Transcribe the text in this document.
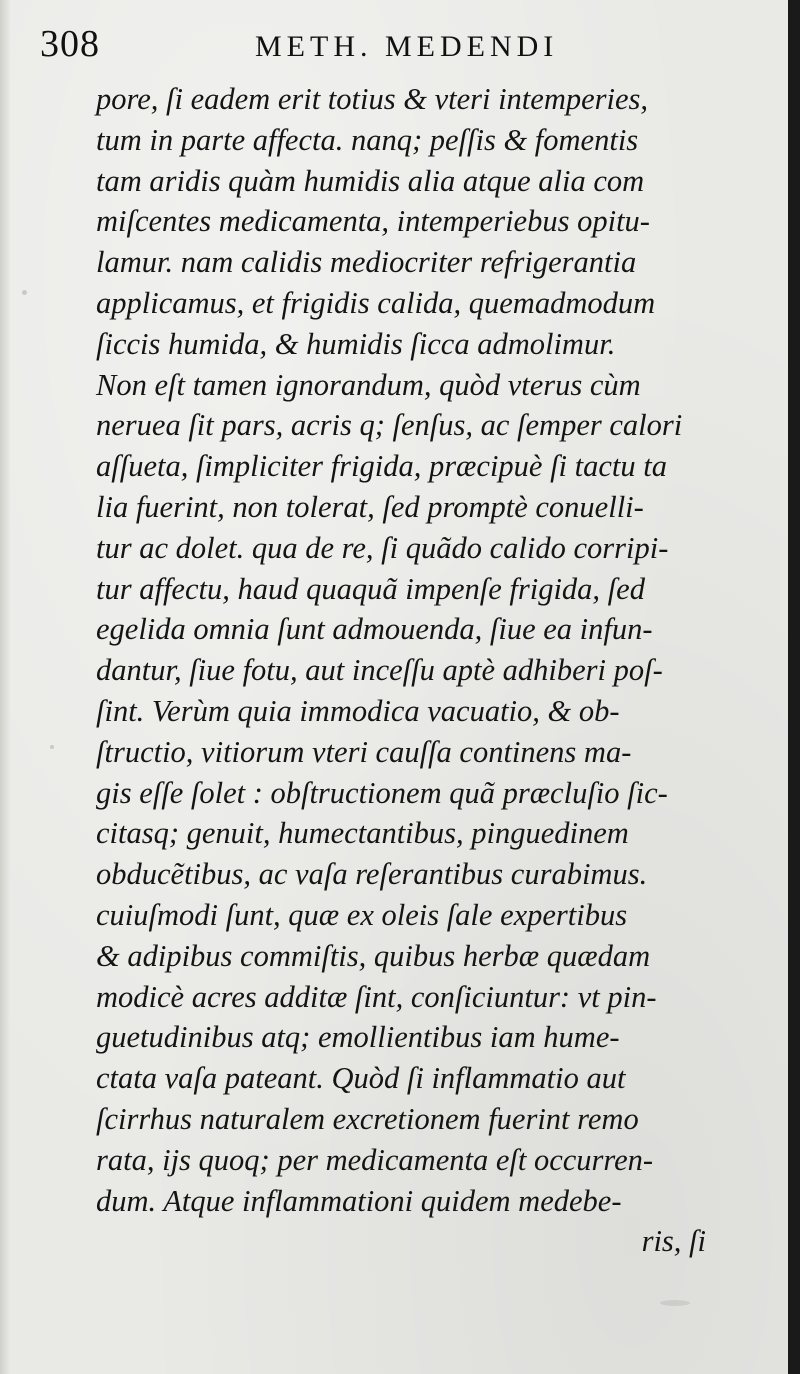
308	METH. MEDENDI
pore, ſi eadem erit totius & vteri intemperies,
tum in parte affecta. nanq; peſſis & fomentis
tam aridis quàm humidis alia atque alia com
miſcentes medicamenta, intemperiebus opitu-
lamur. nam calidis mediocriter refrigerantia
applicamus, et frigidis calida, quemadmodum
ſiccis humida, & humidis ſicca admolimur.
Non eſt tamen ignorandum, quòd vterus cùm
neruea ſit pars, acris q; ſenſus, ac ſemper calori
aſſueta, ſimpliciter frigida, præcipuè ſi tactu ta
lia fuerint, non tolerat, ſed promptè conuelli-
tur ac dolet. qua de re, ſi quãdo calido corripi-
tur affectu, haud quaquã impenſe frigida, ſed
egelida omnia ſunt admouenda, ſiue ea infun-
dantur, ſiue fotu, aut inceſſu aptè adhiberi poſ-
ſint. Verùm quia immodica vacuatio, & ob-
ſtructio, vitiorum vteri cauſſa continens ma-
gis eſſe ſolet : obſtructionem quã præcluſio ſic-
citasq; genuit, humectantibus, pinguedinem
obducẽtibus, ac vaſa reſerantibus curabimus.
cuiuſmodi ſunt, quæ ex oleis ſale expertibus
& adipibus commiſtis, quibus herbæ quædam
modicè acres additæ ſint, conſiciuntur: vt pin-
guetudinibus atq; emollientibus iam hume-
ctata vaſa pateant. Quòd ſi inflammatio aut
ſcirrhus naturalem excretionem fuerint remo
rata, ijs quoq; per medicamenta eſt occurren-
dum. Atque inflammationi quidem medebe-
ris, ſi
